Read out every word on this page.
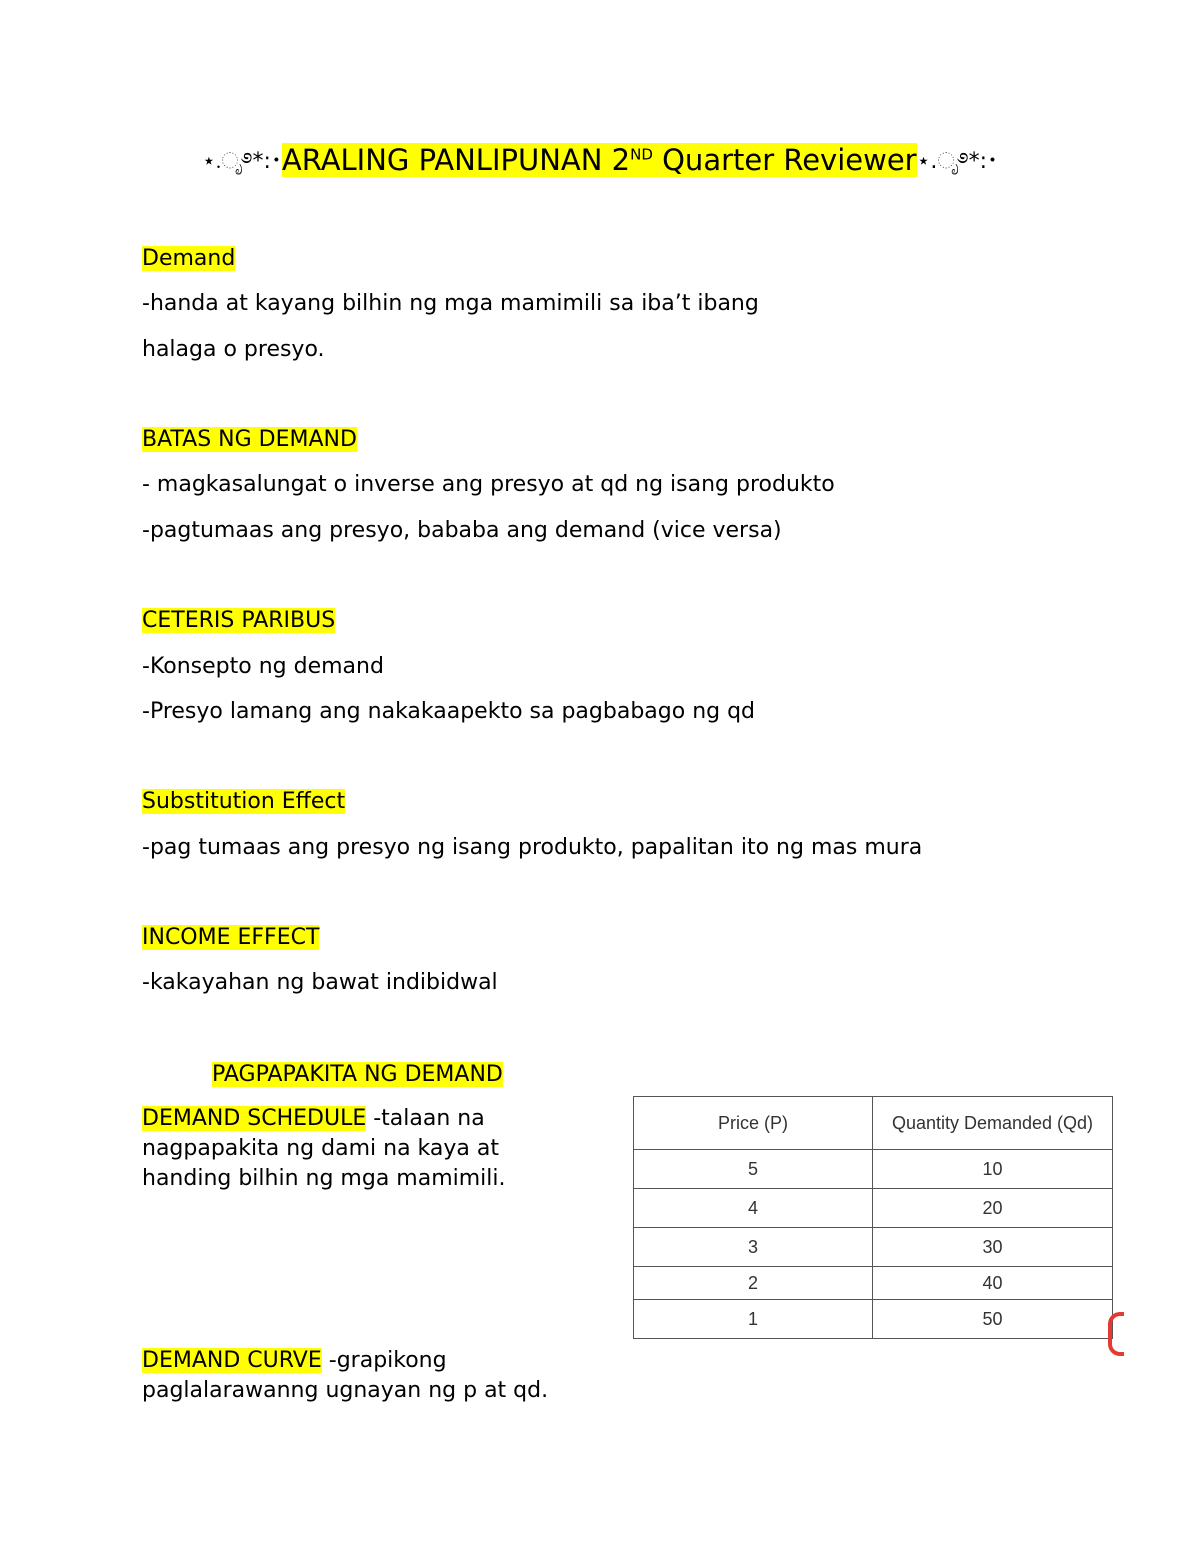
⋆.ೃ࿔*:･ARALING PANLIPUNAN 2ND Quarter Reviewer⋆.ೃ࿔*:･
Demand
-handa at kayang bilhin ng mga mamimili sa iba’t ibang
halaga o presyo.
BATAS NG DEMAND
- magkasalungat o inverse ang presyo at qd ng isang produkto
-pagtumaas ang presyo, bababa ang demand (vice versa)
CETERIS PARIBUS
-Konsepto ng demand
-Presyo lamang ang nakakaapekto sa pagbabago ng qd
Substitution Effect
-pag tumaas ang presyo ng isang produkto, papalitan ito ng mas mura
INCOME EFFECT
-kakayahan ng bawat indibidwal
PAGPAPAKITA NG DEMAND
DEMAND SCHEDULE -talaan na
nagpapakita ng dami na kaya at
handing bilhin ng mga mamimili.
DEMAND CURVE -grapikong
paglalarawanng ugnayan ng p at qd.
Price (P)	Quantity Demanded (Qd)
5	10
4	20
3	30
2	40
1	50
